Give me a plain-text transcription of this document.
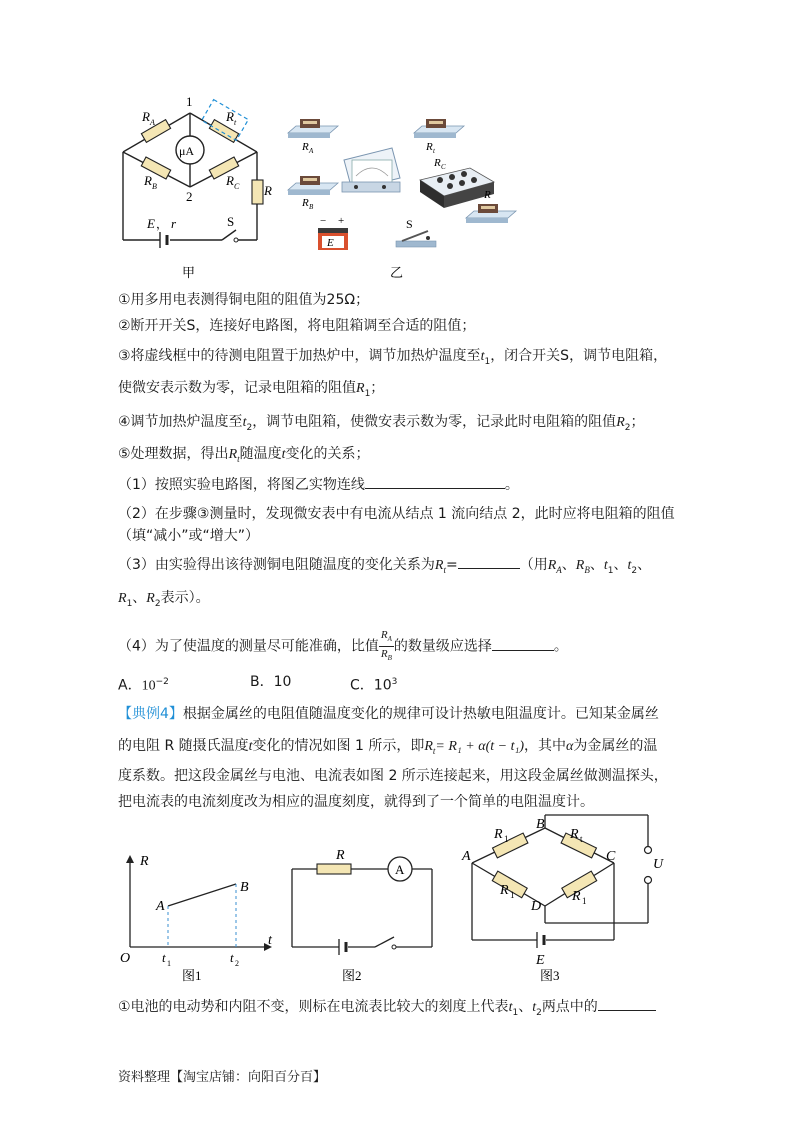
μA
1
2
R A	R t
R B	R C R
E ， r	S
甲
R	R
R
R
R
E
A	t
B
C
− +	S
乙
①用多用电表测得铜电阻的阻值为25Ω；
②断开开关S，连接好电路图，将电阻箱调至合适的阻值；
③将虚线框中的待测电阻置于加热炉中，调节加热炉温度至$t_1$，闭合开关S，调节电阻箱，
使微安表示数为零，记录电阻箱的阻值$R_1$；
④调节加热炉温度至$t_2$，调节电阻箱，使微安表示数为零，记录此时电阻箱的阻值$R_2$；
⑤处理数据，得出$R_t$随温度t变化的关系；
（1）按照实验电路图，将图乙实物连线	。
（2）在步骤③测量时，发现微安表中有电流从结点 1 流向结点 2，此时应将电阻箱的阻值
（填“减小”或“增大”）
（3）由实验得出该待测铜电阻随温度的变化关系为$R_t=$	（用$R_A$、$R_B$、$t_1$、$t_2$、
$R_1$、$R_2$表示）。
（4）为了使温度的测量尽可能准确，比值 $\frac{R_A}{R_B}$ 的数量级应选择	。
A．$10^{-2}$	B．10	C．$10^3$
【典例4】根据金属丝的电阻值随温度变化的规律可设计热敏电阻温度计。已知某金属丝
的电阻 R 随摄氏温度t变化的情况如图 1 所示，即$R_t= R_1 + \alpha(t - t_1)$，其中α为金属丝的温
度系数。把这段金属丝与电池、电流表如图 2 所示连接起来，用这段金属丝做测温探头，
把电流表的电流刻度改为相应的温度刻度，就得到了一个简单的电阻温度计。
R
A
B
O
t
t 1	t 2
图1
R
A
图2
R 1
B
R t
A	C
U
R 1	R 1
D
E
图3
①电池的电动势和内阻不变，则标在电流表比较大的刻度上代表$t_1$、$t_2$两点中的
资料整理【淘宝店铺：向阳百分百】
